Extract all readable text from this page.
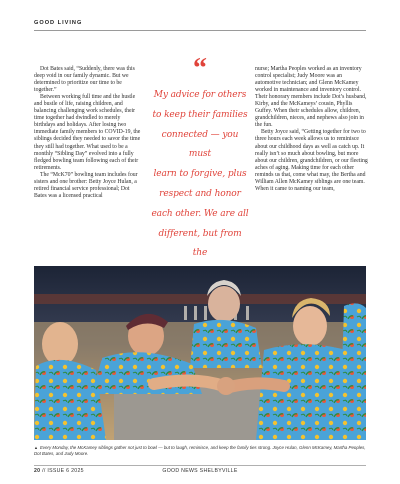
GOOD LIVING

Dot Bates said, “Suddenly, there was this deep void in our family dynamic. But we determined to prioritize our time to be together.”

Between working full time and the hustle and bustle of life, raising children, and balancing challenging work schedules, their time together had dwindled to merely birthdays and holidays. After losing two immediate family members to COVID-19, the siblings decided they needed to savor the time they still had together. What used to be a monthly “Sibling Day” evolved into a fully fledged bowling team following each of their retirements.

The “McK70” bowling team includes four sisters and one brother: Betty Joyce Hulan, a retired financial service professional; Dot Bates was a licensed practical

“
My advice for others
to keep their families
connected — you must
learn to forgive, plus
respect and honor
each other. We are all
different, but from the

nurse; Martha Peoples worked as an inventory control specialist; Judy Moore was an automotive technician; and Glenn McKamey worked in maintenance and inventory control. Their honorary members include Dot’s husband, Kirby, and the McKameys’ cousin, Phyllis Guffey. When their schedules allow, children, grandchildren, nieces, and nephews also join in the fun.

Betty Joyce said, “Getting together for two to three hours each week allows us to reminisce about our childhood days as well as catch up. It really isn’t so much about bowling, but more about our children, grandchildren, or our fleeting aches of aging. Making time for each other reminds us that, come what may, the Bertha and William Allen McKamey siblings are one team. When it came to naming our team,

▲ Every Monday, the McKamey siblings gather not just to bowl — but to laugh, reminisce, and keep the family ties strong. Joyce Hulan, Glenn McKamey, Martha Peoples, Dot Bates, and Judy Moore.
20 // ISSUE 6 2025	GOOD NEWS SHELBYVILLE
